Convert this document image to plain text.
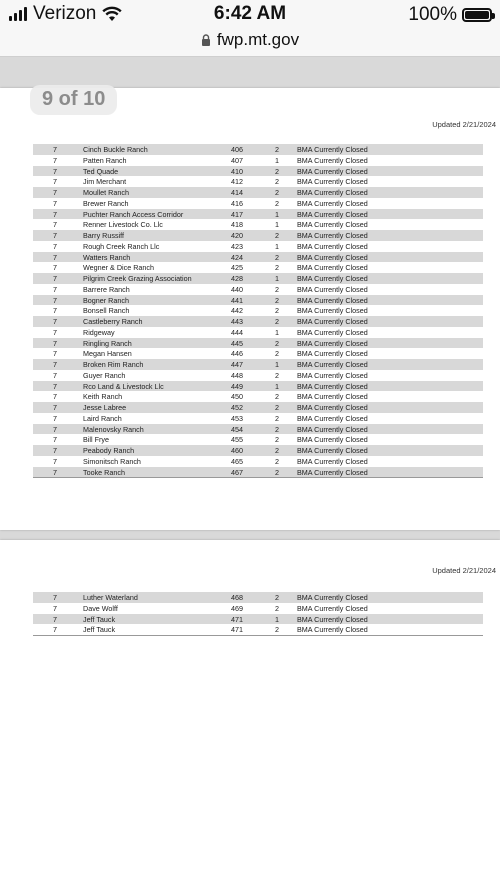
Verizon	6:42 AM	100%
fwp.mt.gov
9 of 10
Updated 2/21/2024
7	Cinch Buckle Ranch	406	2	BMA Currently Closed
7	Patten Ranch	407	1	BMA Currently Closed
7	Ted Quade	410	2	BMA Currently Closed
7	Jim Merchant	412	2	BMA Currently Closed
7	Moullet Ranch	414	2	BMA Currently Closed
7	Brewer Ranch	416	2	BMA Currently Closed
7	Puchter Ranch Access Corridor	417	1	BMA Currently Closed
7	Renner Livestock Co. Llc	418	1	BMA Currently Closed
7	Barry Russiff	420	2	BMA Currently Closed
7	Rough Creek Ranch Llc	423	1	BMA Currently Closed
7	Watters Ranch	424	2	BMA Currently Closed
7	Wegner & Dice Ranch	425	2	BMA Currently Closed
7	Pilgrim Creek Grazing Association	428	1	BMA Currently Closed
7	Barrere Ranch	440	2	BMA Currently Closed
7	Bogner Ranch	441	2	BMA Currently Closed
7	Bonsell Ranch	442	2	BMA Currently Closed
7	Castleberry Ranch	443	2	BMA Currently Closed
7	Ridgeway	444	1	BMA Currently Closed
7	Ringling Ranch	445	2	BMA Currently Closed
7	Megan Hansen	446	2	BMA Currently Closed
7	Broken Rim Ranch	447	1	BMA Currently Closed
7	Guyer Ranch	448	2	BMA Currently Closed
7	Rco Land & Livestock Llc	449	1	BMA Currently Closed
7	Keith Ranch	450	2	BMA Currently Closed
7	Jesse Labree	452	2	BMA Currently Closed
7	Laird Ranch	453	2	BMA Currently Closed
7	Malenovsky Ranch	454	2	BMA Currently Closed
7	Bill Frye	455	2	BMA Currently Closed
7	Peabody Ranch	460	2	BMA Currently Closed
7	Simonitsch Ranch	465	2	BMA Currently Closed
7	Tooke Ranch	467	2	BMA Currently Closed
Updated 2/21/2024
7	Luther Waterland	468	2	BMA Currently Closed
7	Dave Wolff	469	2	BMA Currently Closed
7	Jeff Tauck	471	1	BMA Currently Closed
7	Jeff Tauck	471	2	BMA Currently Closed
